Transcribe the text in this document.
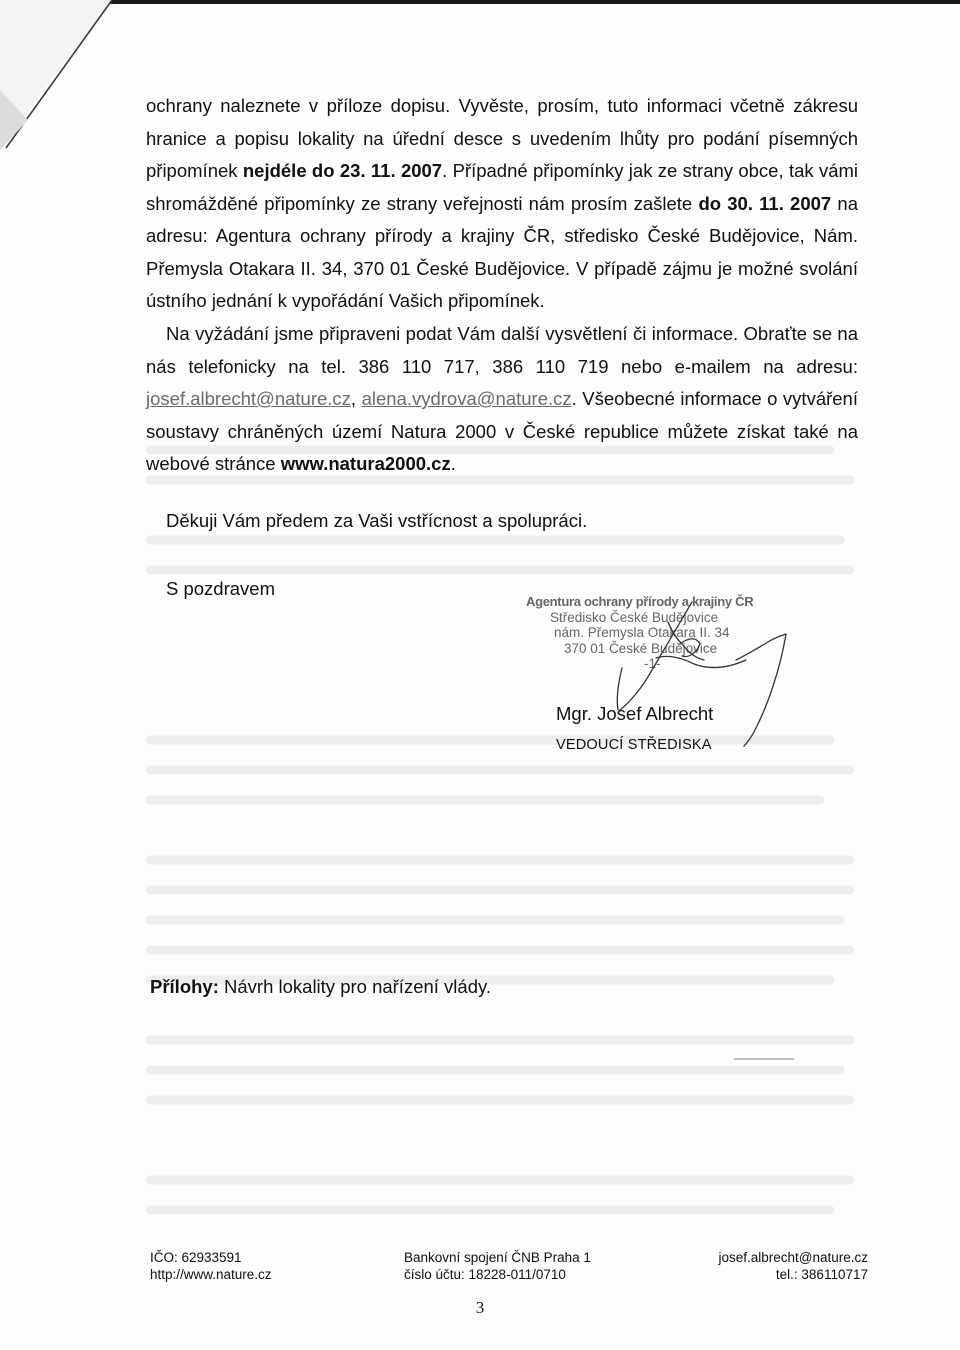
ochrany naleznete v příloze dopisu. Vyvěste, prosím, tuto informaci včetně zákresu hranice a popisu lokality na úřední desce s uvedením lhůty pro podání písemných připomínek nejdéle do 23. 11. 2007. Případné připomínky jak ze strany obce, tak vámi shromážděné připomínky ze strany veřejnosti nám prosím zašlete do 30. 11. 2007 na adresu: Agentura ochrany přírody a krajiny ČR, středisko České Budějovice, Nám. Přemysla Otakara II. 34, 370 01 České Budějovice. V případě zájmu je možné svolání ústního jednání k vypořádání Vašich připomínek.

Na vyžádání jsme připraveni podat Vám další vysvětlení či informace. Obraťte se na nás telefonicky na tel. 386 110 717, 386 110 719 nebo e-mailem na adresu: josef.albrecht@nature.cz, alena.vydrova@nature.cz. Všeobecné informace o vytváření soustavy chráněných území Natura 2000 v České republice můžete získat také na webové stránce www.natura2000.cz.

Děkuji Vám předem za Vaši vstřícnost a spolupráci.

S pozdravem

Agentura ochrany přírody a krajiny ČR
Středisko České Budějovice
nám. Přemysla Otakara II. 34
370 01 České Budějovice
-1-

Mgr. Josef Albrecht

VEDOUCÍ STŘEDISKA

Přílohy: Návrh lokality pro nařízení vlády.

IČO: 62933591
http://www.nature.cz
Bankovní spojení ČNB Praha 1
číslo účtu: 18228-011/0710
josef.albrecht@nature.cz
tel.: 386110717
3
